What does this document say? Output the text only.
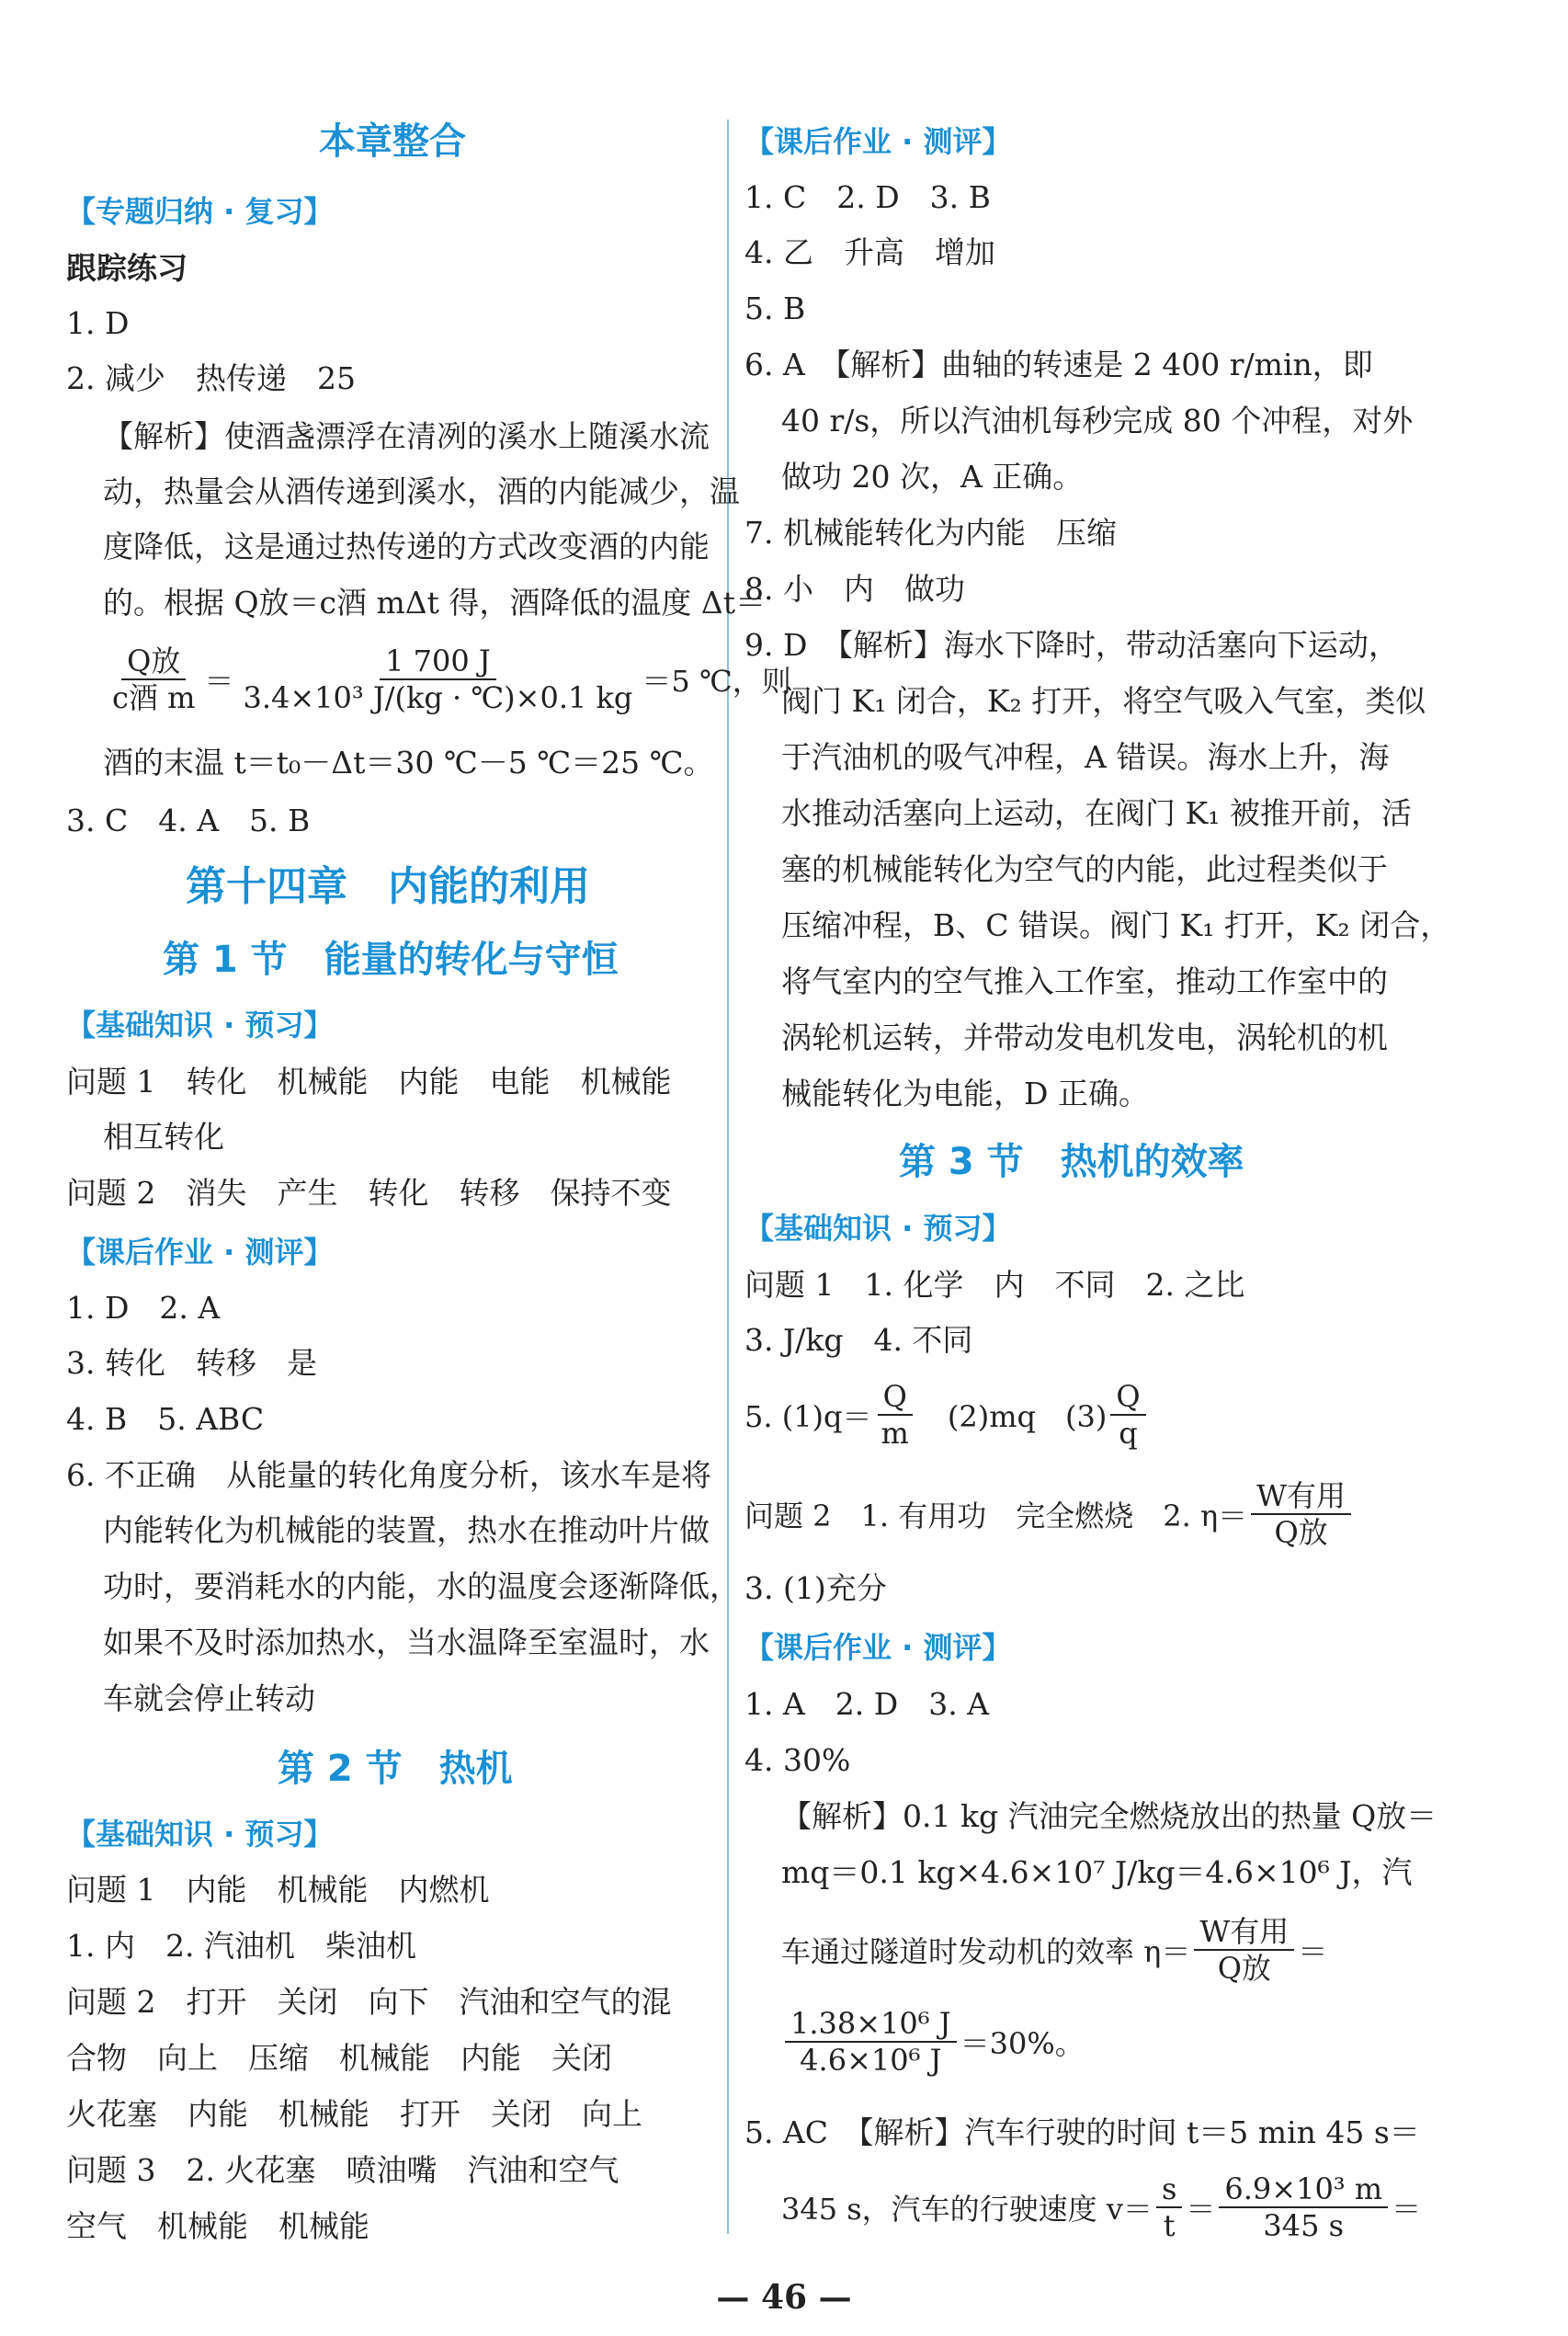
本章整合
【专题归纳 · 复习】
跟踪练习
1. D
2. 减少　热传递　25
【解析】使酒盏漂浮在清冽的溪水上随溪水流
动，热量会从酒传递到溪水，酒的内能减少，温
度降低，这是通过热传递的方式改变酒的内能
的。根据 Q放＝c酒 mΔt 得，酒降低的温度 Δt＝
$\frac{\text{Q放}}{\text{c酒 m}} = \frac{1 700 J}{\text{3.4×10³ J/(kg · ℃)×0.1 kg}} =5$ ℃，则
酒的末温 t＝t₀－Δt＝30 ℃－5 ℃＝25 ℃。
3. C　4. A　5. B
第十四章　内能的利用
第 1 节　能量的转化与守恒
【基础知识 · 预习】
问题 1　转化　机械能　内能　电能　机械能
相互转化
问题 2　消失　产生　转化　转移　保持不变
【课后作业 · 测评】
1. D　2. A
3. 转化　转移　是
4. B　5. ABC
6. 不正确　从能量的转化角度分析，该水车是将
内能转化为机械能的装置，热水在推动叶片做
功时，要消耗水的内能，水的温度会逐渐降低，
如果不及时添加热水，当水温降至室温时，水
车就会停止转动
第 2 节　热机
【基础知识 · 预习】
问题 1　内能　机械能　内燃机
1. 内　2. 汽油机　柴油机
问题 2　打开　关闭　向下　汽油和空气的混
合物　向上　压缩　机械能　内能　关闭
火花塞　内能　机械能　打开　关闭　向上
问题 3　2. 火花塞　喷油嘴　汽油和空气
空气　机械能　机械能
【课后作业 · 测评】
1. C　2. D　3. B
4. 乙　升高　增加
5. B
6. A　【解析】曲轴的转速是 2 400 r/min，即
40 r/s，所以汽油机每秒完成 80 个冲程，对外
做功 20 次，A 正确。
7. 机械能转化为内能　压缩
8. 小　内　做功
9. D　【解析】海水下降时，带动活塞向下运动，
阀门 K₁ 闭合，K₂ 打开，将空气吸入气室，类似
于汽油机的吸气冲程，A 错误。海水上升，海
水推动活塞向上运动，在阀门 K₁ 被推开前，活
塞的机械能转化为空气的内能，此过程类似于
压缩冲程，B、C 错误。阀门 K₁ 打开，K₂ 闭合，
将气室内的空气推入工作室，推动工作室中的
涡轮机运转，并带动发电机发电，涡轮机的机
械能转化为电能，D 正确。
第 3 节　热机的效率
【基础知识 · 预习】
问题 1　1. 化学　内　不同　2. 之比
3. J/kg　4. 不同
5. $(1)q= \frac{Q}{m}$ 　(2)mq　$(3) \frac{Q}{q}$
问题 2　1. 有用功　完全燃烧　2. $\eta= \frac{\text{W有用}}{\text{Q放}}$
3. (1)充分
【课后作业 · 测评】
1. A　2. D　3. A
4. 30%
【解析】0.1 kg 汽油完全燃烧放出的热量 Q放＝
mq＝0.1 kg×4.6×10⁷ J/kg＝4.6×10⁶ J，汽
车通过隧道时发动机的效率 $\eta= \frac{\text{W有用}}{\text{Q放}}$ ＝
$\frac{\text{1.38×10⁶ J}}{\text{4.6×10⁶ J}} =30\%$。
5. AC　【解析】汽车行驶的时间 t＝5 min 45 s＝
345 s，汽车的行驶速度 $v= \frac{s}{t} = \frac{\text{6.9×10³ m}}{345 s}$ ＝
— 46 —
